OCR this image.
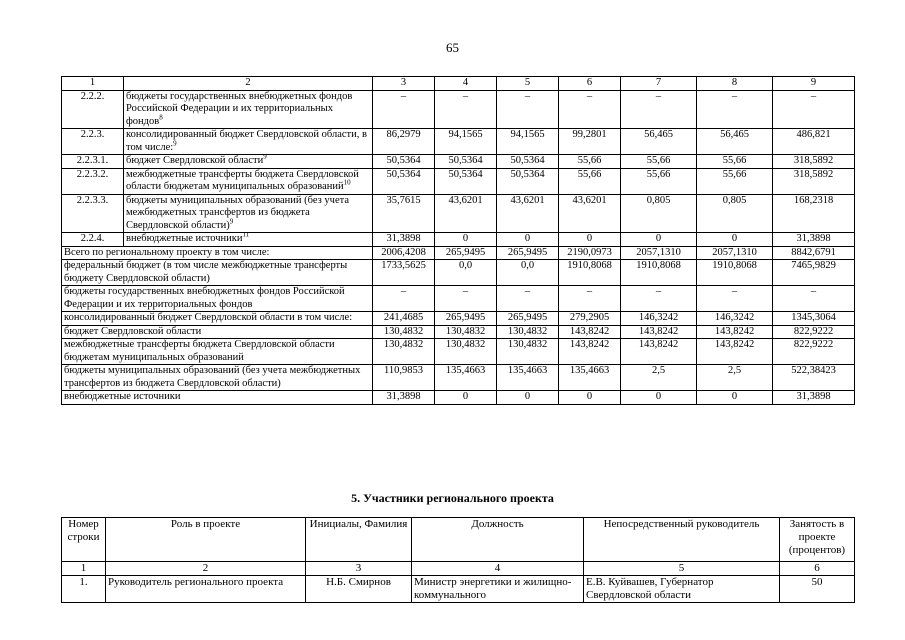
65
1	2	3	4	5	6	7	8	9
2.2.2.	бюджеты государственных внебюджетных фондов Российской Федерации и их территориальных фондов$^8$	–	–	–	–	–	–	–
2.2.3.	консолидированный бюджет Свердловской области, в том числе:$^9$	86,2979	94,1565	94,1565	99,2801	56,465	56,465	486,821
2.2.3.1.	бюджет Свердловской области$^9$	50,5364	50,5364	50,5364	55,66	55,66	55,66	318,5892
2.2.3.2.	межбюджетные трансферты бюджета Свердловской области бюджетам муниципальных образований$^{10}$	50,5364	50,5364	50,5364	55,66	55,66	55,66	318,5892
2.2.3.3.	бюджеты муниципальных образований (без учета межбюджетных трансфертов из бюджета Свердловской области)$^9$	35,7615	43,6201	43,6201	43,6201	0,805	0,805	168,2318
2.2.4.	внебюджетные источники$^{11}$	31,3898	0	0	0	0	0	31,3898
Всего по региональному проекту в том числе:		2006,4208	265,9495	265,9495	2190,0973	2057,1310	2057,1310	8842,6791
федеральный бюджет (в том числе межбюджетные трансферты бюджету Свердловской области)		1733,5625	0,0	0,0	1910,8068	1910,8068	1910,8068	7465,9829
бюджеты государственных внебюджетных фондов Российской Федерации и их территориальных фондов		–	–	–	–	–	–	–
консолидированный бюджет Свердловской области в том числе:		241,4685	265,9495	265,9495	279,2905	146,3242	146,3242	1345,3064
бюджет Свердловской области		130,4832	130,4832	130,4832	143,8242	143,8242	143,8242	822,9222
межбюджетные трансферты бюджета Свердловской области бюджетам муниципальных образований		130,4832	130,4832	130,4832	143,8242	143,8242	143,8242	822,9222
бюджеты муниципальных образований (без учета межбюджетных трансфертов из бюджета Свердловской области)		110,9853	135,4663	135,4663	135,4663	2,5	2,5	522,38423
внебюджетные источники		31,3898	0	0	0	0	0	31,3898
5. Участники регионального проекта
Номер строки	Роль в проекте	Инициалы, Фамилия	Должность	Непосредственный руководитель	Занятость в проекте (процентов)
1	2	3	4	5	6
1.	Руководитель регионального проекта	Н.Б. Смирнов	Министр энергетики и жилищно-коммунального	Е.В. Куйвашев, Губернатор Свердловской области	50
